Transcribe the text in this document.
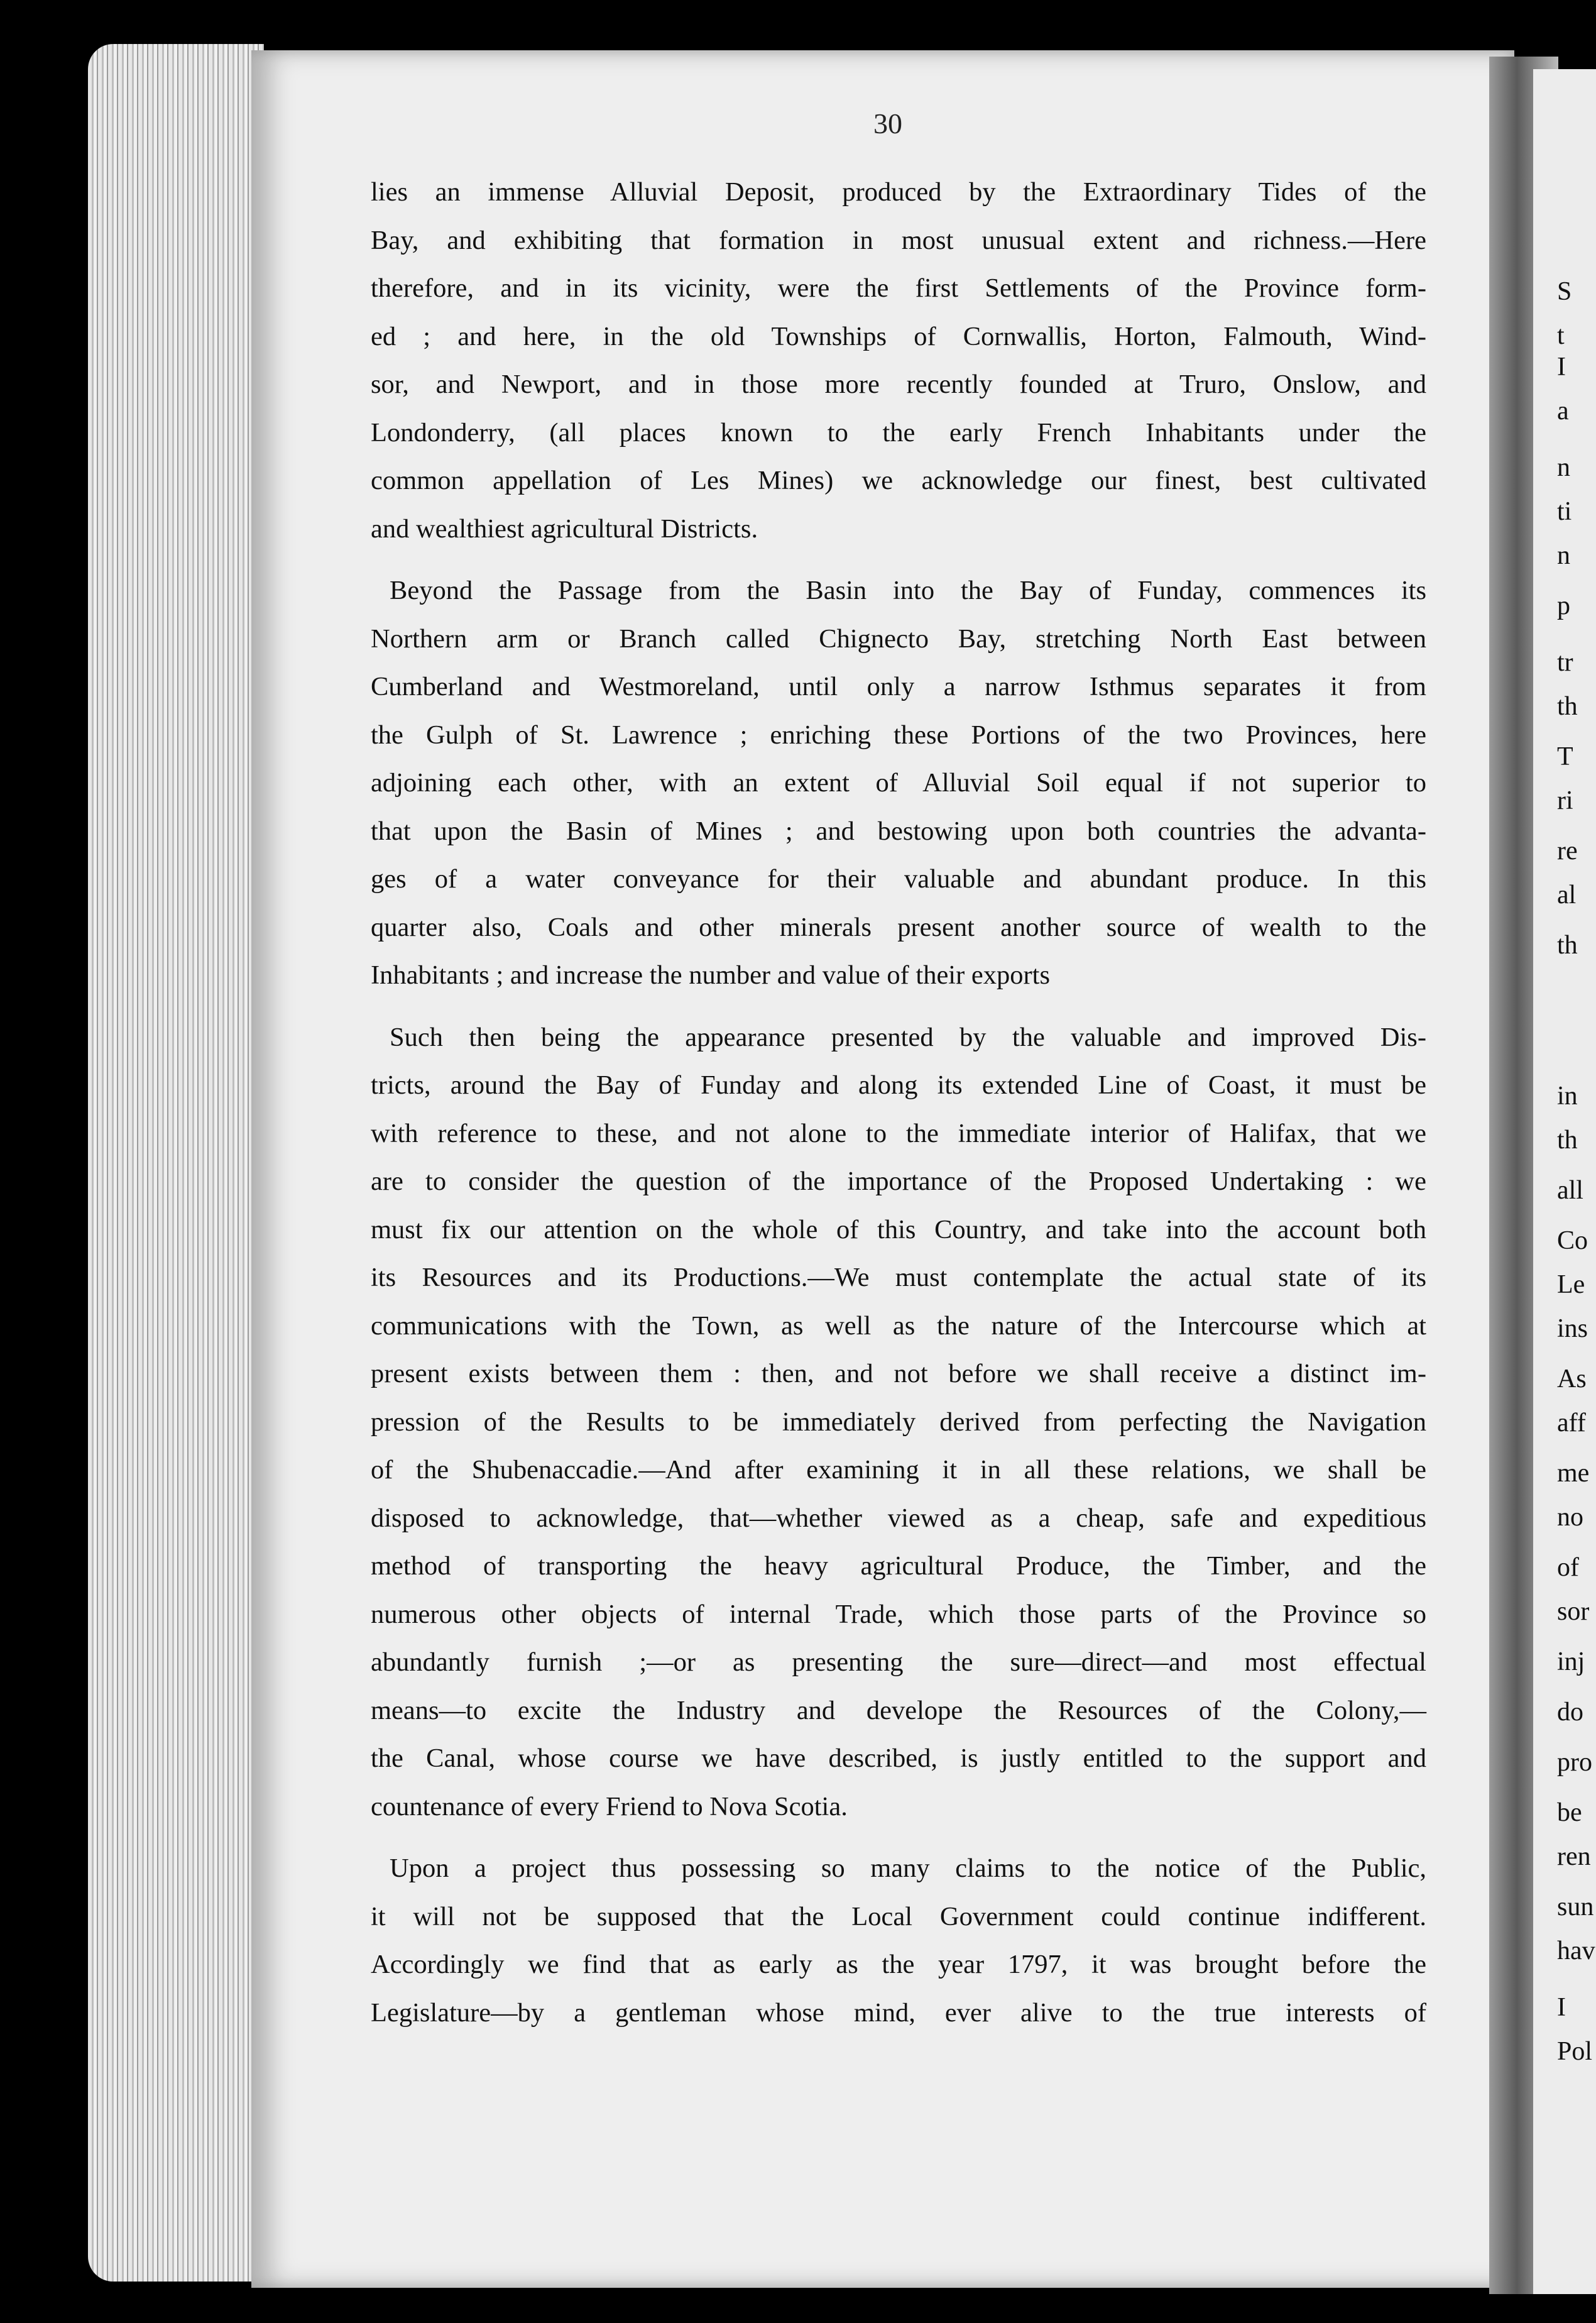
30
lies an immense Alluvial Deposit, produced by the Extraordinary Tides of the
Bay, and exhibiting that formation in most unusual extent and richness.—Here
therefore, and in its vicinity, were the first Settlements of the Province form-
ed ; and here, in the old Townships of Cornwallis, Horton, Falmouth, Wind-
sor, and Newport, and in those more recently founded at Truro, Onslow, and
Londonderry, (all places known to the early French Inhabitants under the
common appellation of Les Mines) we acknowledge our finest, best cultivated
and wealthiest agricultural Districts.
Beyond the Passage from the Basin into the Bay of Funday, commences its
Northern arm or Branch called Chignecto Bay, stretching North East between
Cumberland and Westmoreland, until only a narrow Isthmus separates it from
the Gulph of St. Lawrence ; enriching these Portions of the two Provinces, here
adjoining each other, with an extent of Alluvial Soil equal if not superior to
that upon the Basin of Mines ; and bestowing upon both countries the advanta-
ges of a water conveyance for their valuable and abundant produce. In this
quarter also, Coals and other minerals present another source of wealth to the
Inhabitants ; and increase the number and value of their exports
Such then being the appearance presented by the valuable and improved Dis-
tricts, around the Bay of Funday and along its extended Line of Coast, it must be
with reference to these, and not alone to the immediate interior of Halifax, that we
are to consider the question of the importance of the Proposed Undertaking : we
must fix our attention on the whole of this Country, and take into the account both
its Resources and its Productions.—We must contemplate the actual state of its
communications with the Town, as well as the nature of the Intercourse which at
present exists between them : then, and not before we shall receive a distinct im-
pression of the Results to be immediately derived from perfecting the Navigation
of the Shubenaccadie.—And after examining it in all these relations, we shall be
disposed to acknowledge, that—whether viewed as a cheap, safe and expeditious
method of transporting the heavy agricultural Produce, the Timber, and the
numerous other objects of internal Trade, which those parts of the Province so
abundantly furnish ;—or as presenting the sure—direct—and most effectual
means—to excite the Industry and develope the Resources of the Colony,—
the Canal, whose course we have described, is justly entitled to the support and
countenance of every Friend to Nova Scotia.
Upon a project thus possessing so many claims to the notice of the Public,
it will not be supposed that the Local Government could continue indifferent.
Accordingly we find that as early as the year 1797, it was brought before the
Legislature—by a gentleman whose mind, ever alive to the true interests of
S
t
I
a
n
ti
n
p
tr
th
T
ri
re
al
th
in
th
all
Co
Le
ins
As
aff
me
no
of
sor
inj
do
pro
be
ren
sun
hav
I
Pol
